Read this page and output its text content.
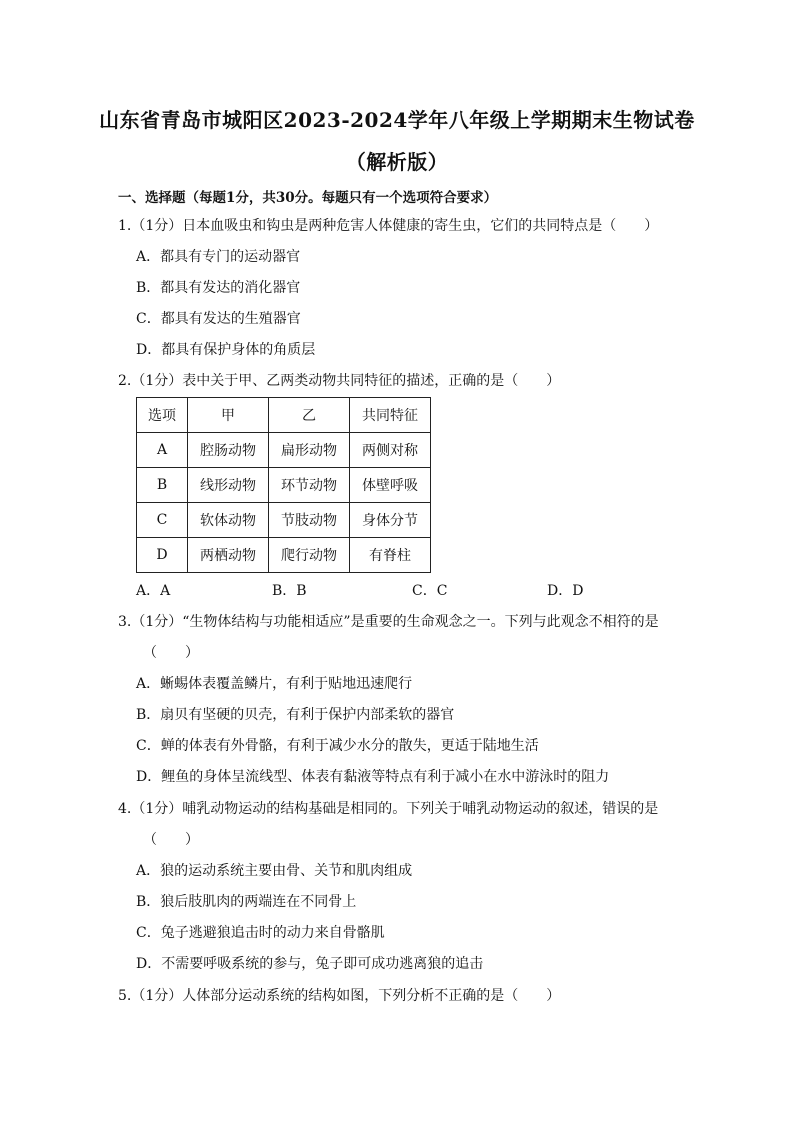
山东省青岛市城阳区2023-2024学年八年级上学期期末生物试卷
（解析版）
一、选择题（每题1分，共30分。每题只有一个选项符合要求）
1.（1分）日本血吸虫和钩虫是两种危害人体健康的寄生虫，它们的共同特点是（　　）
A．都具有专门的运动器官
B．都具有发达的消化器官
C．都具有发达的生殖器官
D．都具有保护身体的角质层
2.（1分）表中关于甲、乙两类动物共同特征的描述，正确的是（　　）
选项	甲	乙	共同特征
A	腔肠动物	扁形动物	两侧对称
B	线形动物	环节动物	体壁呼吸
C	软体动物	节肢动物	身体分节
D	两栖动物	爬行动物	有脊柱
A．A	B．B	C．C	D．D
3.（1分）“生物体结构与功能相适应”是重要的生命观念之一。下列与此观念不相符的是
（　　）
A．蜥蜴体表覆盖鳞片，有利于贴地迅速爬行
B．扇贝有坚硬的贝壳，有利于保护内部柔软的器官
C．蝉的体表有外骨骼，有利于减少水分的散失，更适于陆地生活
D．鲤鱼的身体呈流线型、体表有黏液等特点有利于减小在水中游泳时的阻力
4.（1分）哺乳动物运动的结构基础是相同的。下列关于哺乳动物运动的叙述，错误的是
（　　）
A．狼的运动系统主要由骨、关节和肌肉组成
B．狼后肢肌肉的两端连在不同骨上
C．兔子逃避狼追击时的动力来自骨骼肌
D．不需要呼吸系统的参与，兔子即可成功逃离狼的追击
5.（1分）人体部分运动系统的结构如图，下列分析不正确的是（　　）
